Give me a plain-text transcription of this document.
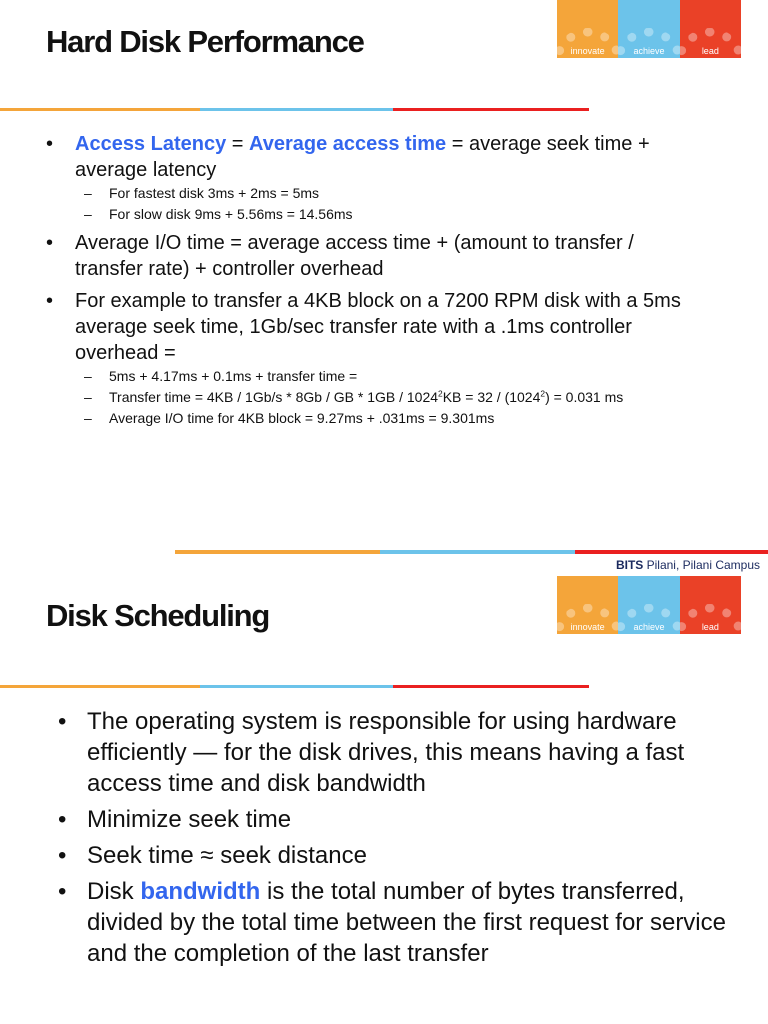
Hard Disk Performance	innovate	achieve	lead
• Access Latency = Average access time = average seek time + average latency
– For fastest disk 3ms + 2ms = 5ms
– For slow disk 9ms + 5.56ms = 14.56ms
• Average I/O time = average access time + (amount to transfer / transfer rate) + controller overhead
• For example to transfer a 4KB block on a 7200 RPM disk with a 5ms average seek time, 1Gb/sec transfer rate with a .1ms controller overhead =
– 5ms + 4.17ms + 0.1ms + transfer time =
– Transfer time = 4KB / 1Gb/s * 8Gb / GB * $1GB / 1024^2KB = 32 / (1024^2) = 0.031$ ms
– Average I/O time for 4KB block = 9.27ms + .031ms = 9.301ms
BITS Pilani, Pilani Campus
Disk Scheduling	innovate	achieve	lead
• The operating system is responsible for using hardware efficiently — for the disk drives, this means having a fast access time and disk bandwidth
• Minimize seek time
• Seek time ≈ seek distance
• Disk bandwidth is the total number of bytes transferred, divided by the total time between the first request for service and the completion of the last transfer
